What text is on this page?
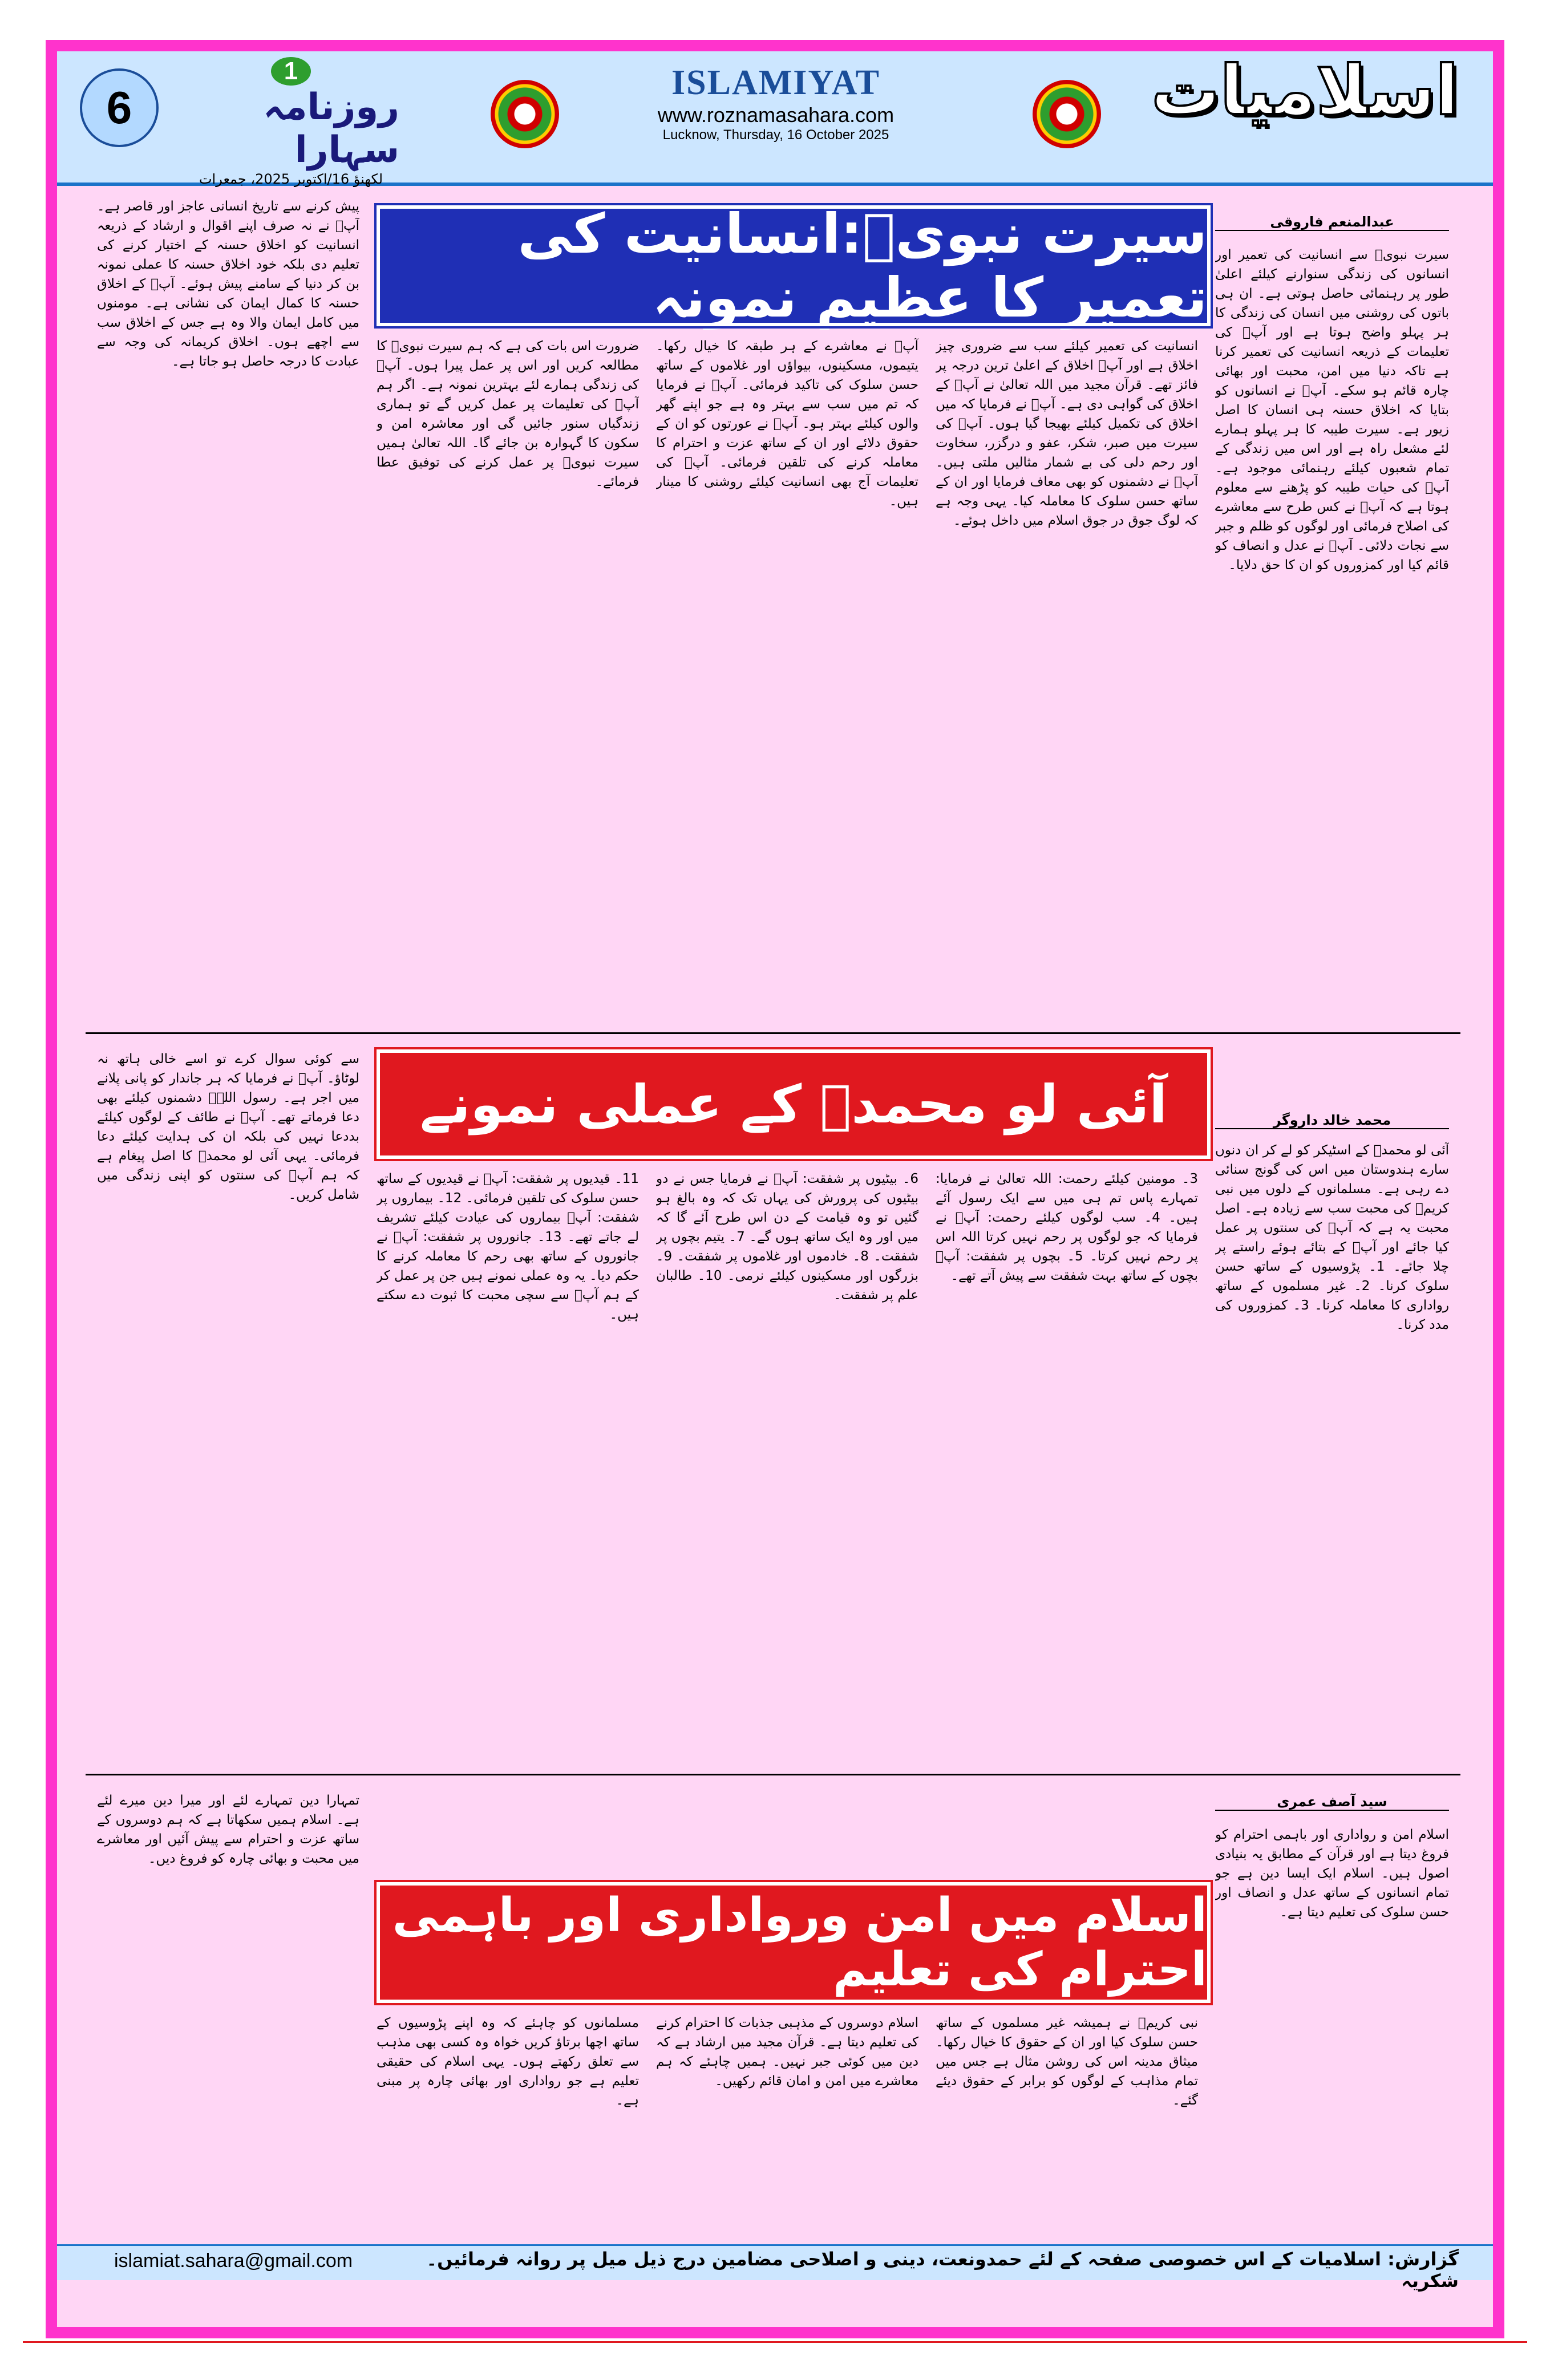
6
1
روزنامہ سہارا
لکھنؤ 16/اکتوبر 2025، جمعرات
ISLAMIYAT
www.roznamasahara.com
Lucknow, Thursday, 16 October 2025
اسلامیات
عبدالمنعم فاروقی
سیرت نبویؐ:انسانیت کی تعمیر کا عظیم نمونہ
سیرت نبویؐ سے انسانیت کی تعمیر اور انسانوں کی زندگی سنوارنے کیلئے اعلیٰ طور پر رہنمائی حاصل ہوتی ہے۔ ان ہی باتوں کی روشنی میں انسان کی زندگی کا ہر پہلو واضح ہوتا ہے اور آپؐ کی تعلیمات کے ذریعہ انسانیت کی تعمیر کرنا ہے تاکہ دنیا میں امن، محبت اور بھائی چارہ قائم ہو سکے۔ آپؐ نے انسانوں کو بتایا کہ اخلاق حسنہ ہی انسان کا اصل زیور ہے۔ سیرت طیبہ کا ہر پہلو ہمارے لئے مشعل راہ ہے اور اس میں زندگی کے تمام شعبوں کیلئے رہنمائی موجود ہے۔ آپؐ کی حیات طیبہ کو پڑھنے سے معلوم ہوتا ہے کہ آپؐ نے کس طرح سے معاشرے کی اصلاح فرمائی اور لوگوں کو ظلم و جبر سے نجات دلائی۔ آپؐ نے عدل و انصاف کو قائم کیا اور کمزوروں کو ان کا حق دلایا۔
انسانیت کی تعمیر کیلئے سب سے ضروری چیز اخلاق ہے اور آپؐ اخلاق کے اعلیٰ ترین درجہ پر فائز تھے۔ قرآن مجید میں اللہ تعالیٰ نے آپؐ کے اخلاق کی گواہی دی ہے۔ آپؐ نے فرمایا کہ میں اخلاق کی تکمیل کیلئے بھیجا گیا ہوں۔ آپؐ کی سیرت میں صبر، شکر، عفو و درگزر، سخاوت اور رحم دلی کی بے شمار مثالیں ملتی ہیں۔ آپؐ نے دشمنوں کو بھی معاف فرمایا اور ان کے ساتھ حسن سلوک کا معاملہ کیا۔ یہی وجہ ہے کہ لوگ جوق در جوق اسلام میں داخل ہوئے۔
آپؐ نے معاشرے کے ہر طبقہ کا خیال رکھا۔ یتیموں، مسکینوں، بیواؤں اور غلاموں کے ساتھ حسن سلوک کی تاکید فرمائی۔ آپؐ نے فرمایا کہ تم میں سب سے بہتر وہ ہے جو اپنے گھر والوں کیلئے بہتر ہو۔ آپؐ نے عورتوں کو ان کے حقوق دلائے اور ان کے ساتھ عزت و احترام کا معاملہ کرنے کی تلقین فرمائی۔ آپؐ کی تعلیمات آج بھی انسانیت کیلئے روشنی کا مینار ہیں۔
ضرورت اس بات کی ہے کہ ہم سیرت نبویؐ کا مطالعہ کریں اور اس پر عمل پیرا ہوں۔ آپؐ کی زندگی ہمارے لئے بہترین نمونہ ہے۔ اگر ہم آپؐ کی تعلیمات پر عمل کریں گے تو ہماری زندگیاں سنور جائیں گی اور معاشرہ امن و سکون کا گہوارہ بن جائے گا۔ اللہ تعالیٰ ہمیں سیرت نبویؐ پر عمل کرنے کی توفیق عطا فرمائے۔
پیش کرنے سے تاریخ انسانی عاجز اور قاصر ہے۔ آپؐ نے نہ صرف اپنے اقوال و ارشاد کے ذریعہ انسانیت کو اخلاق حسنہ کے اختیار کرنے کی تعلیم دی بلکہ خود اخلاق حسنہ کا عملی نمونہ بن کر دنیا کے سامنے پیش ہوئے۔ آپؐ کے اخلاق حسنہ کا کمال ایمان کی نشانی ہے۔ مومنوں میں کامل ایمان والا وہ ہے جس کے اخلاق سب سے اچھے ہوں۔ اخلاق کریمانہ کی وجہ سے عبادت کا درجہ حاصل ہو جاتا ہے۔
محمد خالد داروگر
آئی لو محمدؐ کے عملی نمونے
آئی لو محمدؐ کے اسٹیکر کو لے کر ان دنوں سارے ہندوستان میں اس کی گونج سنائی دے رہی ہے۔ مسلمانوں کے دلوں میں نبی کریمؐ کی محبت سب سے زیادہ ہے۔ اصل محبت یہ ہے کہ آپؐ کی سنتوں پر عمل کیا جائے اور آپؐ کے بتائے ہوئے راستے پر چلا جائے۔ 1۔ پڑوسیوں کے ساتھ حسن سلوک کرنا۔ 2۔ غیر مسلموں کے ساتھ رواداری کا معاملہ کرنا۔ 3۔ کمزوروں کی مدد کرنا۔
3۔ مومنین کیلئے رحمت: اللہ تعالیٰ نے فرمایا: تمہارے پاس تم ہی میں سے ایک رسول آئے ہیں۔ 4۔ سب لوگوں کیلئے رحمت: آپؐ نے فرمایا کہ جو لوگوں پر رحم نہیں کرتا اللہ اس پر رحم نہیں کرتا۔ 5۔ بچوں پر شفقت: آپؐ بچوں کے ساتھ بہت شفقت سے پیش آتے تھے۔
6۔ بیٹیوں پر شفقت: آپؐ نے فرمایا جس نے دو بیٹیوں کی پرورش کی یہاں تک کہ وہ بالغ ہو گئیں تو وہ قیامت کے دن اس طرح آئے گا کہ میں اور وہ ایک ساتھ ہوں گے۔ 7۔ یتیم بچوں پر شفقت۔ 8۔ خادموں اور غلاموں پر شفقت۔ 9۔ بزرگوں اور مسکینوں کیلئے نرمی۔ 10۔ طالبان علم پر شفقت۔
11۔ قیدیوں پر شفقت: آپؐ نے قیدیوں کے ساتھ حسن سلوک کی تلقین فرمائی۔ 12۔ بیماروں پر شفقت: آپؐ بیماروں کی عیادت کیلئے تشریف لے جاتے تھے۔ 13۔ جانوروں پر شفقت: آپؐ نے جانوروں کے ساتھ بھی رحم کا معاملہ کرنے کا حکم دیا۔ یہ وہ عملی نمونے ہیں جن پر عمل کر کے ہم آپؐ سے سچی محبت کا ثبوت دے سکتے ہیں۔
سے کوئی سوال کرے تو اسے خالی ہاتھ نہ لوٹاؤ۔ آپؐ نے فرمایا کہ ہر جاندار کو پانی پلانے میں اجر ہے۔ رسول اللہؐ دشمنوں کیلئے بھی دعا فرماتے تھے۔ آپؐ نے طائف کے لوگوں کیلئے بددعا نہیں کی بلکہ ان کی ہدایت کیلئے دعا فرمائی۔ یہی آئی لو محمدؐ کا اصل پیغام ہے کہ ہم آپؐ کی سنتوں کو اپنی زندگی میں شامل کریں۔
سید آصف عمری
اسلام میں امن ورواداری اور باہمی احترام کی تعلیم
اسلام امن و رواداری اور باہمی احترام کو فروغ دیتا ہے اور قرآن کے مطابق یہ بنیادی اصول ہیں۔ اسلام ایک ایسا دین ہے جو تمام انسانوں کے ساتھ عدل و انصاف اور حسن سلوک کی تعلیم دیتا ہے۔
نبی کریمؐ نے ہمیشہ غیر مسلموں کے ساتھ حسن سلوک کیا اور ان کے حقوق کا خیال رکھا۔ میثاق مدینہ اس کی روشن مثال ہے جس میں تمام مذاہب کے لوگوں کو برابر کے حقوق دیئے گئے۔
اسلام دوسروں کے مذہبی جذبات کا احترام کرنے کی تعلیم دیتا ہے۔ قرآن مجید میں ارشاد ہے کہ دین میں کوئی جبر نہیں۔ ہمیں چاہئے کہ ہم معاشرے میں امن و امان قائم رکھیں۔
مسلمانوں کو چاہئے کہ وہ اپنے پڑوسیوں کے ساتھ اچھا برتاؤ کریں خواہ وہ کسی بھی مذہب سے تعلق رکھتے ہوں۔ یہی اسلام کی حقیقی تعلیم ہے جو رواداری اور بھائی چارہ پر مبنی ہے۔
تمہارا دین تمہارے لئے اور میرا دین میرے لئے ہے۔ اسلام ہمیں سکھاتا ہے کہ ہم دوسروں کے ساتھ عزت و احترام سے پیش آئیں اور معاشرے میں محبت و بھائی چارہ کو فروغ دیں۔
گزارش: اسلامیات کے اس خصوصی صفحہ کے لئے حمدونعت، دینی و اصلاحی مضامین درج ذیل میل پر روانہ فرمائیں۔ شکریہ
islamiat.sahara@gmail.com
